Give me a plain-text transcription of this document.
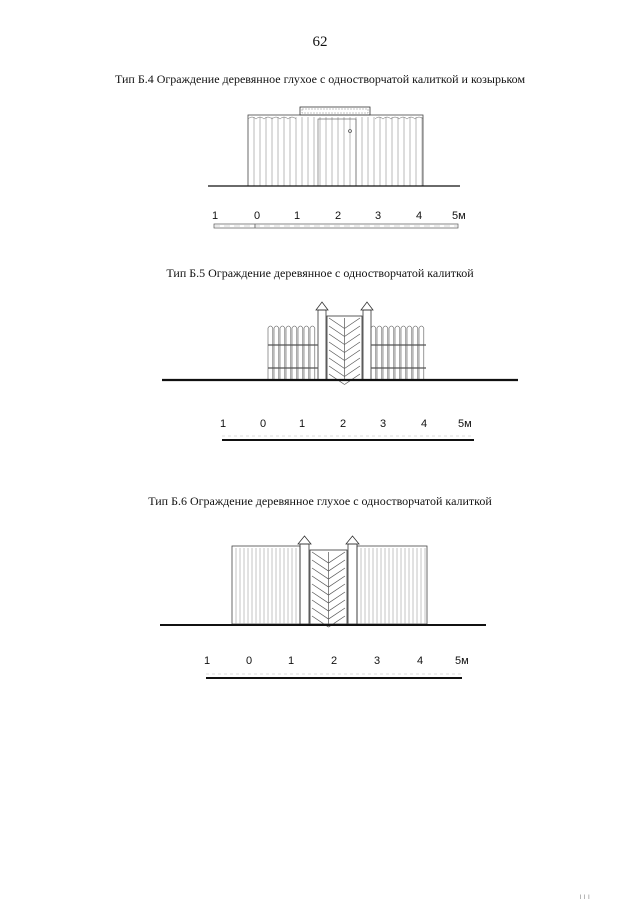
62
Тип Б.4 Ограждение деревянное глухое с одностворчатой калиткой и козырьком
1	0	1	2	3	4	5м
Тип Б.5 Ограждение деревянное с одностворчатой калиткой
1	0	1	2	3	4	5м
Тип Б.6 Ограждение деревянное глухое с одностворчатой калиткой
1	0	1	2	3	4	5м
ııı
